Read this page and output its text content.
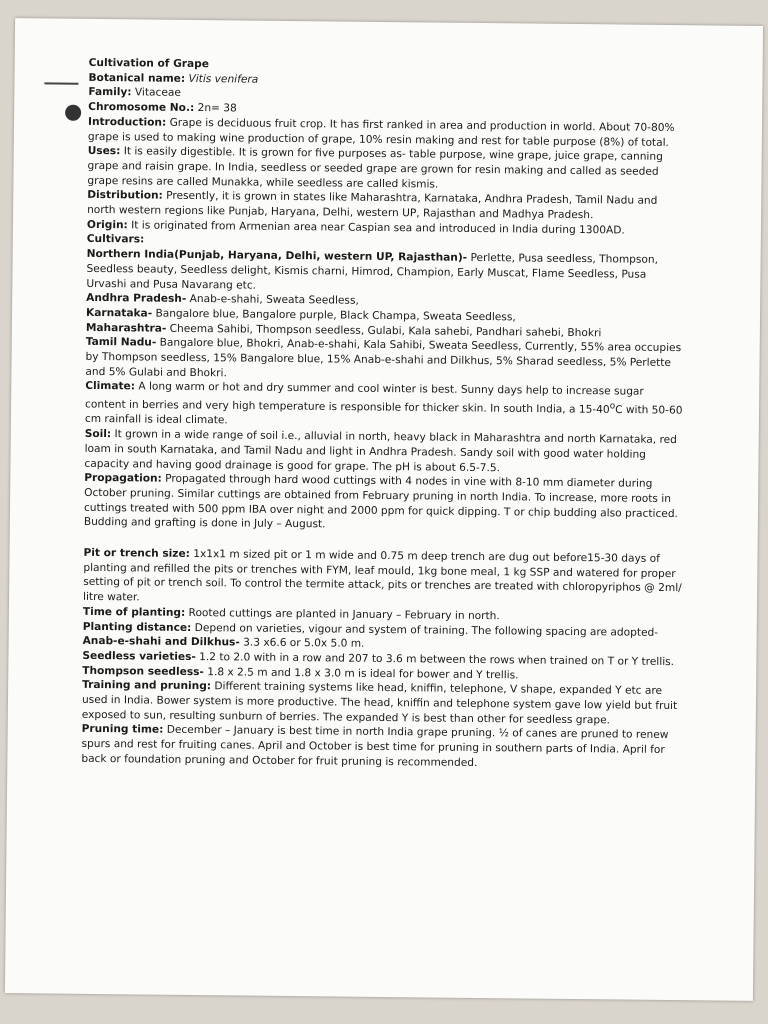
Cultivation of Grape

Botanical name: Vitis venifera

Family: Vitaceae

Chromosome No.: 2n= 38

Introduction: Grape is deciduous fruit crop. It has first ranked in area and production in world. About 70-80% grape is used to making wine production of grape, 10% resin making and rest for table purpose (8%) of total.

Uses: It is easily digestible. It is grown for five purposes as- table purpose, wine grape, juice grape, canning grape and raisin grape. In India, seedless or seeded grape are grown for resin making and called as seeded grape resins are called Munakka, while seedless are called kismis.

Distribution: Presently, it is grown in states like Maharashtra, Karnataka, Andhra Pradesh, Tamil Nadu and north western regions like Punjab, Haryana, Delhi, western UP, Rajasthan and Madhya Pradesh.

Origin: It is originated from Armenian area near Caspian sea and introduced in India during 1300AD.

Cultivars:

Northern India(Punjab, Haryana, Delhi, western UP, Rajasthan)- Perlette, Pusa seedless, Thompson, Seedless beauty, Seedless delight, Kismis charni, Himrod, Champion, Early Muscat, Flame Seedless, Pusa Urvashi and Pusa Navarang etc.

Andhra Pradesh- Anab-e-shahi, Sweata Seedless,

Karnataka- Bangalore blue, Bangalore purple, Black Champa, Sweata Seedless,

Maharashtra- Cheema Sahibi, Thompson seedless, Gulabi, Kala sahebi, Pandhari sahebi, Bhokri

Tamil Nadu- Bangalore blue, Bhokri, Anab-e-shahi, Kala Sahibi, Sweata Seedless, Currently, 55% area occupies by Thompson seedless, 15% Bangalore blue, 15% Anab-e-shahi and Dilkhus, 5% Sharad seedless, 5% Perlette and 5% Gulabi and Bhokri.

Climate: A long warm or hot and dry summer and cool winter is best. Sunny days help to increase sugar content in berries and very high temperature is responsible for thicker skin. In south India, a 15-40$^o$C with 50-60 cm rainfall is ideal climate.

Soil: It grown in a wide range of soil i.e., alluvial in north, heavy black in Maharashtra and north Karnataka, red loam in south Karnataka, and Tamil Nadu and light in Andhra Pradesh. Sandy soil with good water holding capacity and having good drainage is good for grape. The pH is about 6.5-7.5.

Propagation: Propagated through hard wood cuttings with 4 nodes in vine with 8-10 mm diameter during October pruning. Similar cuttings are obtained from February pruning in north India. To increase, more roots in cuttings treated with 500 ppm IBA over night and 2000 ppm for quick dipping. T or chip budding also practiced. Budding and grafting is done in July – August.

Pit or trench size: 1x1x1 m sized pit or 1 m wide and 0.75 m deep trench are dug out before15-30 days of planting and refilled the pits or trenches with FYM, leaf mould, 1kg bone meal, 1 kg SSP and watered for proper setting of pit or trench soil. To control the termite attack, pits or trenches are treated with chloropyriphos @ 2ml/ litre water.

Time of planting: Rooted cuttings are planted in January – February in north.

Planting distance: Depend on varieties, vigour and system of training. The following spacing are adopted-

Anab-e-shahi and Dilkhus- 3.3 x6.6 or 5.0x 5.0 m.

Seedless varieties- 1.2 to 2.0 with in a row and 207 to 3.6 m between the rows when trained on T or Y trellis.

Thompson seedless- 1.8 x 2.5 m and 1.8 x 3.0 m is ideal for bower and Y trellis.

Training and pruning: Different training systems like head, kniffin, telephone, V shape, expanded Y etc are used in India. Bower system is more productive. The head, kniffin and telephone system gave low yield but fruit exposed to sun, resulting sunburn of berries. The expanded Y is best than other for seedless grape.

Pruning time: December – January is best time in north India grape pruning. ½ of canes are pruned to renew spurs and rest for fruiting canes. April and October is best time for pruning in southern parts of India. April for back or foundation pruning and October for fruit pruning is recommended.
